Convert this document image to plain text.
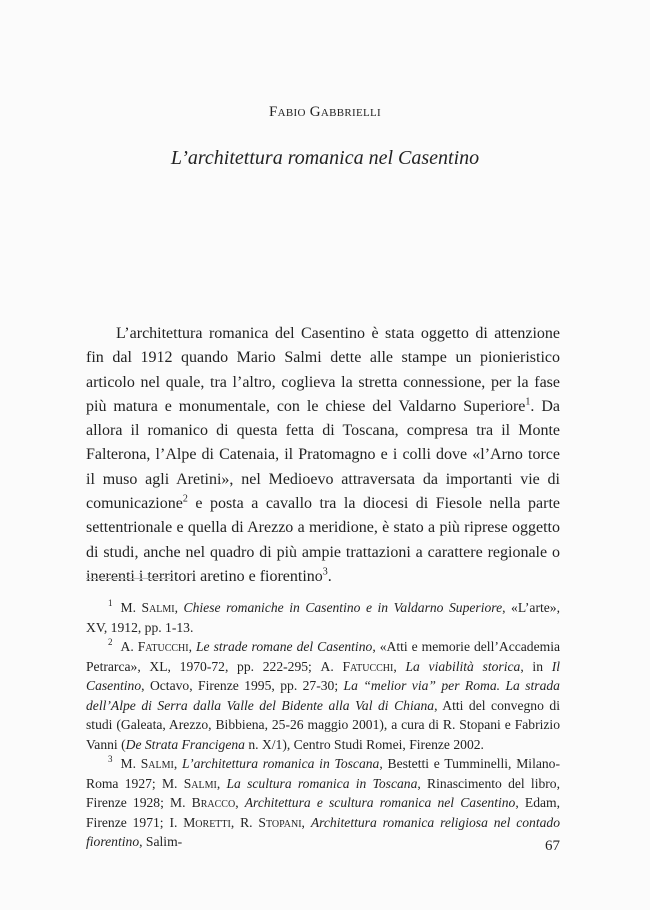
Fabio Gabbrielli
L’architettura romanica nel Casentino

L’architettura romanica del Casentino è stata oggetto di attenzione fin dal 1912 quando Mario Salmi dette alle stampe un pionieristico articolo nel quale, tra l’altro, coglieva la stretta connessione, per la fase più matura e monumentale, con le chiese del Valdarno Superiore$^1$. Da allora il romanico di questa fetta di Toscana, compresa tra il Monte Falterona, l’Alpe di Catenaia, il Pratomagno e i colli dove «l’Arno torce il muso agli Aretini», nel Medioevo attraversata da importanti vie di comunicazione$^2$ e posta a cavallo tra la diocesi di Fiesole nella parte settentrionale e quella di Arezzo a meridione, è stato a più riprese oggetto di studi, anche nel quadro di più ampie trattazioni a carattere regionale o inerenti i territori aretino e fiorentino$^3$.

$^1$ M. Salmi, Chiese romaniche in Casentino e in Valdarno Superiore, «L’arte», XV, 1912, pp. 1-13.

$^2$ A. Fatucchi, Le strade romane del Casentino, «Atti e memorie dell’Accademia Petrarca», XL, 1970-72, pp. 222-295; A. Fatucchi, La viabilità storica, in Il Casentino, Octavo, Firenze 1995, pp. 27-30; La “melior via” per Roma. La strada dell’Alpe di Serra dalla Valle del Bidente alla Val di Chiana, Atti del convegno di studi (Galeata, Arezzo, Bibbiena, 25-26 maggio 2001), a cura di R. Stopani e Fabrizio Vanni (De Strata Francigena n. X/1), Centro Studi Romei, Firenze 2002.

$^3$ M. Salmi, L’architettura romanica in Toscana, Bestetti e Tumminelli, Milano-Roma 1927; M. Salmi, La scultura romanica in Toscana, Rinascimento del libro, Firenze 1928; M. Bracco, Architettura e scultura romanica nel Casentino, Edam, Firenze 1971; I. Moretti, R. Stopani, Architettura romanica religiosa nel contado fiorentino, Salim-	67
